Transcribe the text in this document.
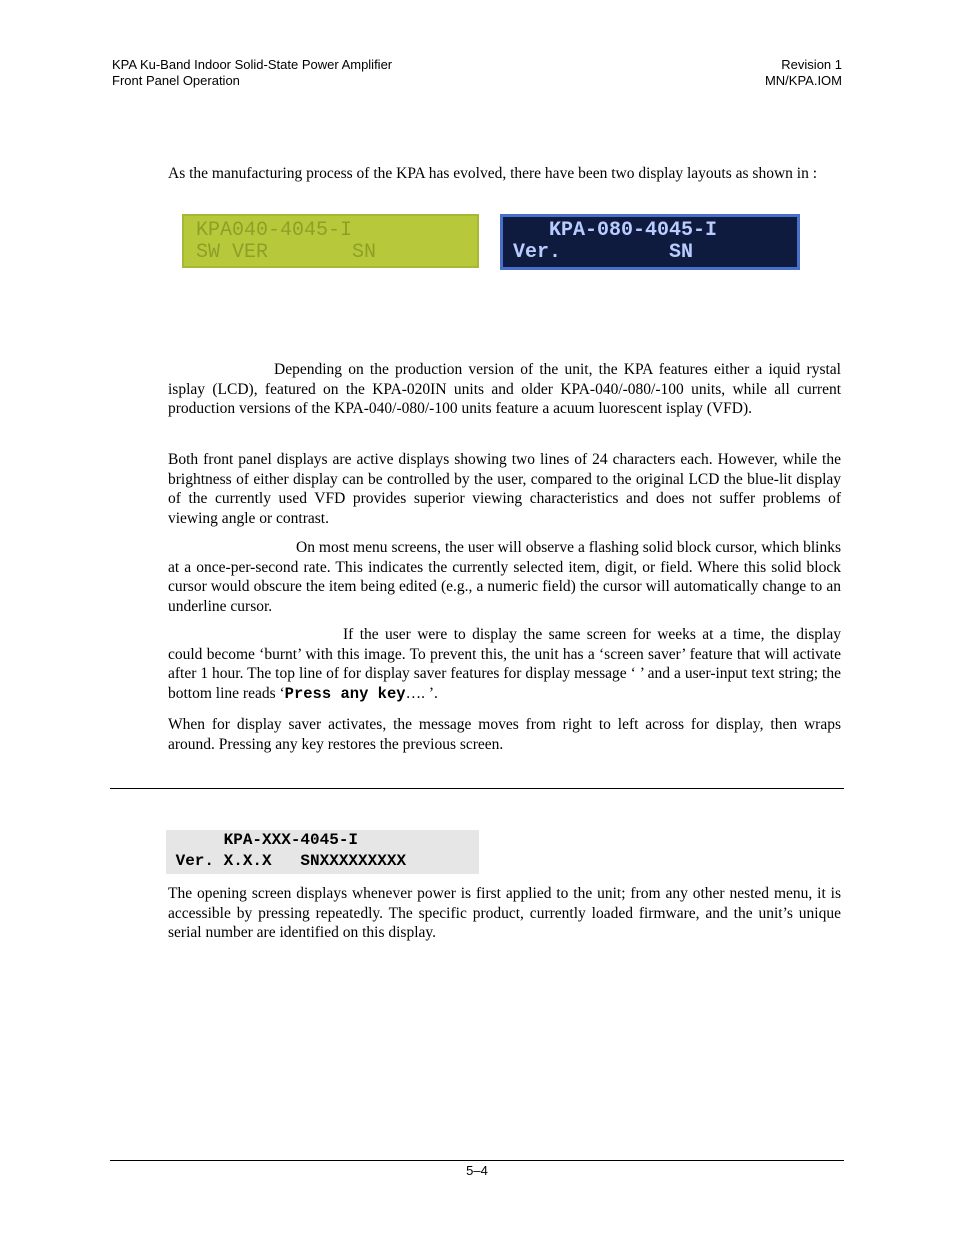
KPA Ku-Band Indoor Solid-State Power Amplifier
Front Panel Operation
Revision 1
MN/KPA.IOM
As the manufacturing process of the KPA has evolved, there have been two display layouts as shown in :
KPA040-4045-I
SW VER       SN
KPA-080-4045-I
Ver.         SN
Depending on the production version of the unit, the KPA features either a iquid rystal isplay (LCD), featured on the KPA-020IN units and older KPA-040/-080/-100 units, while all current production versions of the KPA-040/-080/-100 units feature a acuum luorescent isplay (VFD).
Both front panel displays are active displays showing two lines of 24 characters each. However, while the brightness of either display can be controlled by the user, compared to the original LCD the blue-lit display of the currently used VFD provides superior viewing characteristics and does not suffer problems of viewing angle or contrast.
On most menu screens, the user will observe a flashing solid block cursor, which blinks at a once-per-second rate. This indicates the currently selected item, digit, or field. Where this solid block cursor would obscure the item being edited (e.g., a numeric field) the cursor will automatically change to an underline cursor.
If the user were to display the same screen for weeks at a time, the display could become ‘burnt’ with this image. To prevent this, the unit has a ‘screen saver’ feature that will activate after 1 hour. The top line of for display saver features for display message ‘ ’ and a user-input text string; the bottom line reads ‘Press any key…. ’.
When for display saver activates, the message moves from right to left across for display, then wraps around. Pressing any key restores the previous screen.
KPA-XXX-4045-I
Ver. X.X.X   SNXXXXXXXXX
The opening screen displays whenever power is first applied to the unit; from any other nested menu, it is accessible by pressing repeatedly. The specific product, currently loaded firmware, and the unit’s unique serial number are identified on this display.
5–4
